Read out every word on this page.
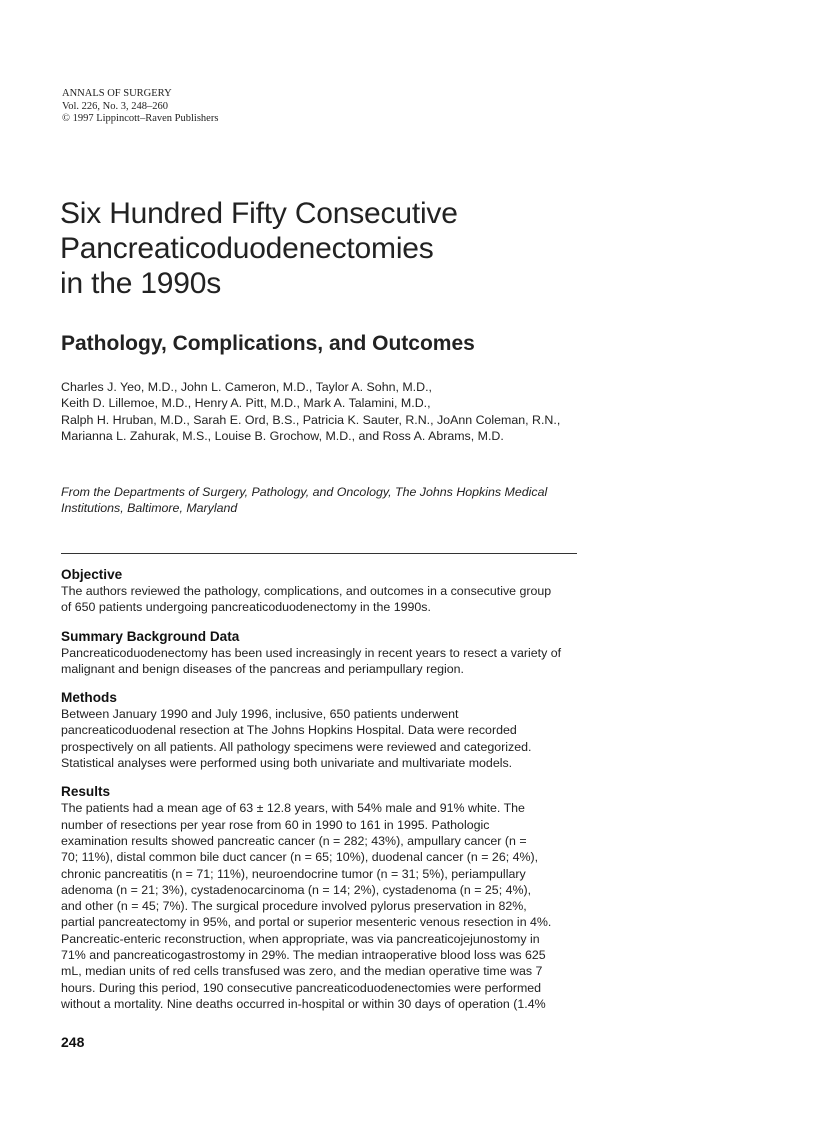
ANNALS OF SURGERY
Vol. 226, No. 3, 248–260
© 1997 Lippincott–Raven Publishers
Six Hundred Fifty Consecutive
Pancreaticoduodenectomies
in the 1990s
Pathology, Complications, and Outcomes
Charles J. Yeo, M.D., John L. Cameron, M.D., Taylor A. Sohn, M.D.,
Keith D. Lillemoe, M.D., Henry A. Pitt, M.D., Mark A. Talamini, M.D.,
Ralph H. Hruban, M.D., Sarah E. Ord, B.S., Patricia K. Sauter, R.N., JoAnn Coleman, R.N.,
Marianna L. Zahurak, M.S., Louise B. Grochow, M.D., and Ross A. Abrams, M.D.
From the Departments of Surgery, Pathology, and Oncology, The Johns Hopkins Medical
Institutions, Baltimore, Maryland
Objective
The authors reviewed the pathology, complications, and outcomes in a consecutive group
of 650 patients undergoing pancreaticoduodenectomy in the 1990s.
Summary Background Data
Pancreaticoduodenectomy has been used increasingly in recent years to resect a variety of
malignant and benign diseases of the pancreas and periampullary region.
Methods
Between January 1990 and July 1996, inclusive, 650 patients underwent
pancreaticoduodenal resection at The Johns Hopkins Hospital. Data were recorded
prospectively on all patients. All pathology specimens were reviewed and categorized.
Statistical analyses were performed using both univariate and multivariate models.
Results
The patients had a mean age of 63 ± 12.8 years, with 54% male and 91% white. The
number of resections per year rose from 60 in 1990 to 161 in 1995. Pathologic
examination results showed pancreatic cancer (n = 282; 43%), ampullary cancer (n =
70; 11%), distal common bile duct cancer (n = 65; 10%), duodenal cancer (n = 26; 4%),
chronic pancreatitis (n = 71; 11%), neuroendocrine tumor (n = 31; 5%), periampullary
adenoma (n = 21; 3%), cystadenocarcinoma (n = 14; 2%), cystadenoma (n = 25; 4%),
and other (n = 45; 7%). The surgical procedure involved pylorus preservation in 82%,
partial pancreatectomy in 95%, and portal or superior mesenteric venous resection in 4%.
Pancreatic-enteric reconstruction, when appropriate, was via pancreaticojejunostomy in
71% and pancreaticogastrostomy in 29%. The median intraoperative blood loss was 625
mL, median units of red cells transfused was zero, and the median operative time was 7
hours. During this period, 190 consecutive pancreaticoduodenectomies were performed
without a mortality. Nine deaths occurred in-hospital or within 30 days of operation (1.4%
248
